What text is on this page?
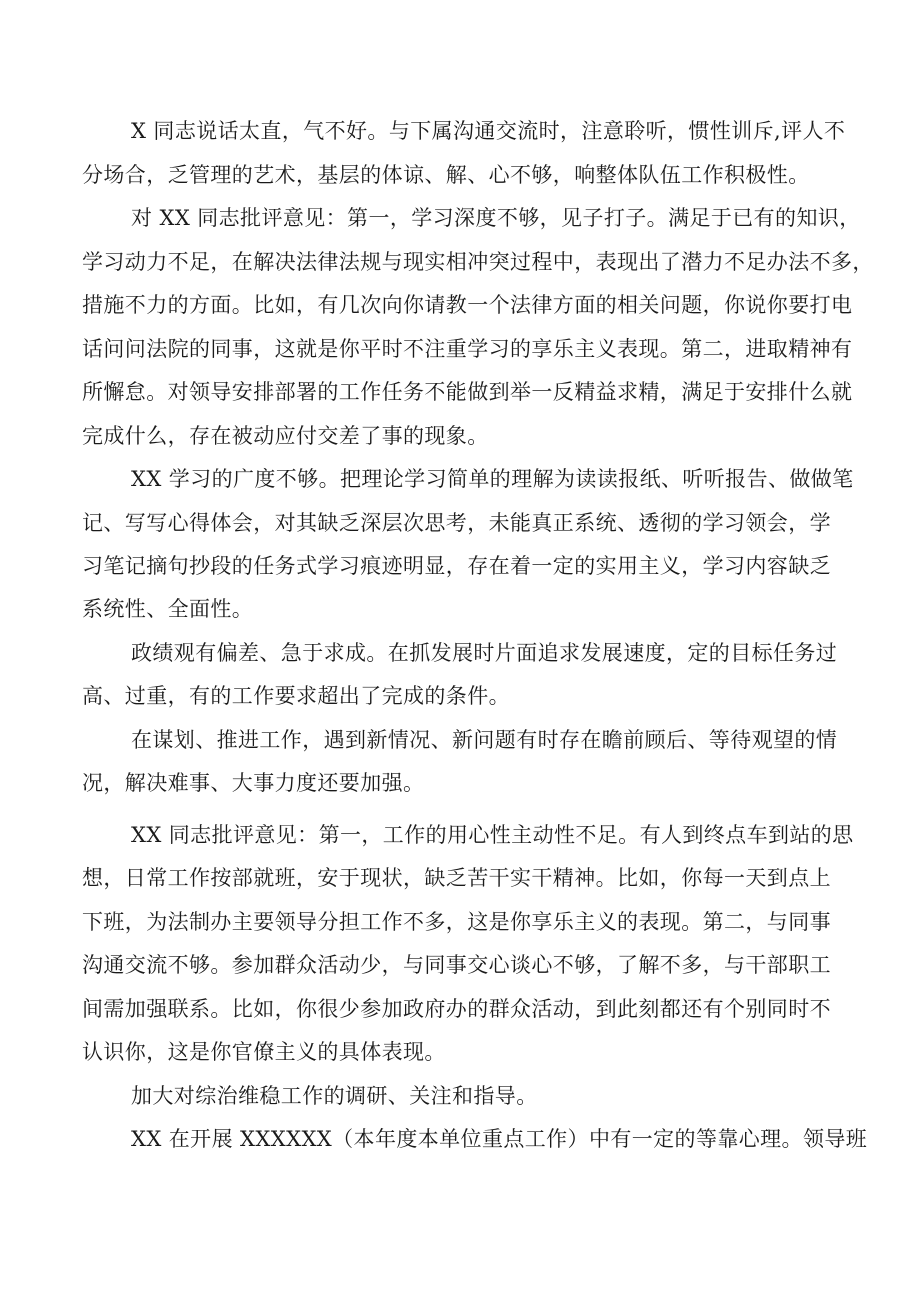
X 同志说话太直，气不好。与下属沟通交流时，注意聆听，惯性训斥,评人不
分场合，乏管理的艺术，基层的体谅、解、心不够，响整体队伍工作积极性。
对 XX 同志批评意见：第一，学习深度不够，见子打子。满足于已有的知识，
学习动力不足，在解决法律法规与现实相冲突过程中，表现出了潜力不足办法不多，
措施不力的方面。比如，有几次向你请教一个法律方面的相关问题，你说你要打电
话问问法院的同事，这就是你平时不注重学习的享乐主义表现。第二，进取精神有
所懈怠。对领导安排部署的工作任务不能做到举一反精益求精，满足于安排什么就
完成什么，存在被动应付交差了事的现象。
XX 学习的广度不够。把理论学习简单的理解为读读报纸、听听报告、做做笔
记、写写心得体会，对其缺乏深层次思考，未能真正系统、透彻的学习领会，学
习笔记摘句抄段的任务式学习痕迹明显，存在着一定的实用主义，学习内容缺乏
系统性、全面性。
政绩观有偏差、急于求成。在抓发展时片面追求发展速度，定的目标任务过
高、过重，有的工作要求超出了完成的条件。
在谋划、推进工作，遇到新情况、新问题有时存在瞻前顾后、等待观望的情
况，解决难事、大事力度还要加强。
XX 同志批评意见：第一，工作的用心性主动性不足。有人到终点车到站的思
想，日常工作按部就班，安于现状，缺乏苦干实干精神。比如，你每一天到点上
下班，为法制办主要领导分担工作不多，这是你享乐主义的表现。第二，与同事
沟通交流不够。参加群众活动少，与同事交心谈心不够，了解不多，与干部职工
间需加强联系。比如，你很少参加政府办的群众活动，到此刻都还有个别同时不
认识你，这是你官僚主义的具体表现。
加大对综治维稳工作的调研、关注和指导。
XX 在开展 XXXXXX（本年度本单位重点工作）中有一定的等靠心理。领导班
